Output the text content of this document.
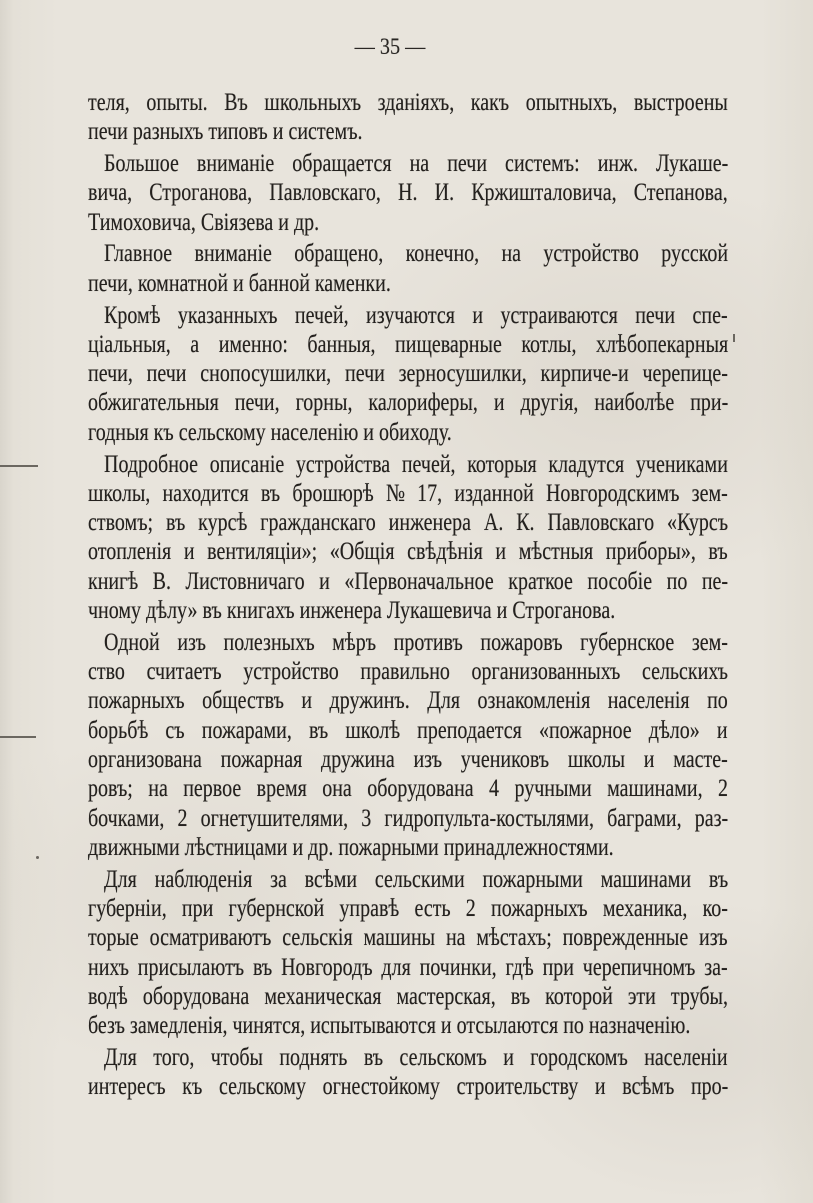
— 35 —
теля, опыты. Въ школьныхъ зданіяхъ, какъ опытныхъ, выстроены
печи разныхъ типовъ и системъ.
Большое вниманіе обращается на печи системъ: инж. Лукаше-
вича, Строганова, Павловскаго, Н. И. Кржишталовича, Степанова,
Тимоховича, Свіязева и др.
Главное вниманіе обращено, конечно, на устройство русской
печи, комнатной и банной каменки.
Кромѣ указанныхъ печей, изучаются и устраиваются печи спе-
ціальныя, а именно: банныя, пищеварные котлы, хлѣбопекарныя
печи, печи снопосушилки, печи зерносушилки, кирпиче-и черепице-
обжигательныя печи, горны, калориферы, и другія, наиболѣе при-
годныя къ сельскому населенію и обиходу.
Подробное описаніе устройства печей, которыя кладутся учениками
школы, находится въ брошюрѣ № 17, изданной Новгородскимъ зем-
ствомъ; въ курсѣ гражданскаго инженера А. К. Павловскаго «Курсъ
отопленія и вентиляціи»; «Общія свѣдѣнія и мѣстныя приборы», въ
книгѣ В. Листовничаго и «Первоначальное краткое пособіе по пе-
чному дѣлу» въ книгахъ инженера Лукашевича и Строганова.
Одной изъ полезныхъ мѣръ противъ пожаровъ губернское зем-
ство считаетъ устройство правильно организованныхъ сельскихъ
пожарныхъ обществъ и дружинъ. Для ознакомленія населенія по
борьбѣ съ пожарами, въ школѣ преподается «пожарное дѣло» и
организована пожарная дружина изъ учениковъ школы и масте-
ровъ; на первое время она оборудована 4 ручными машинами, 2
бочками, 2 огнетушителями, 3 гидропульта-костылями, баграми, раз-
движными лѣстницами и др. пожарными принадлежностями.
Для наблюденія за всѣми сельскими пожарными машинами въ
губерніи, при губернской управѣ есть 2 пожарныхъ механика, ко-
торые осматриваютъ сельскія машины на мѣстахъ; поврежденные изъ
нихъ присылаютъ въ Новгородъ для починки, гдѣ при черепичномъ за-
водѣ оборудована механическая мастерская, въ которой эти трубы,
безъ замедленія, чинятся, испытываются и отсылаются по назначенію.
Для того, чтобы поднять въ сельскомъ и городскомъ населеніи
интересъ къ сельскому огнестойкому строительству и всѣмъ про-
